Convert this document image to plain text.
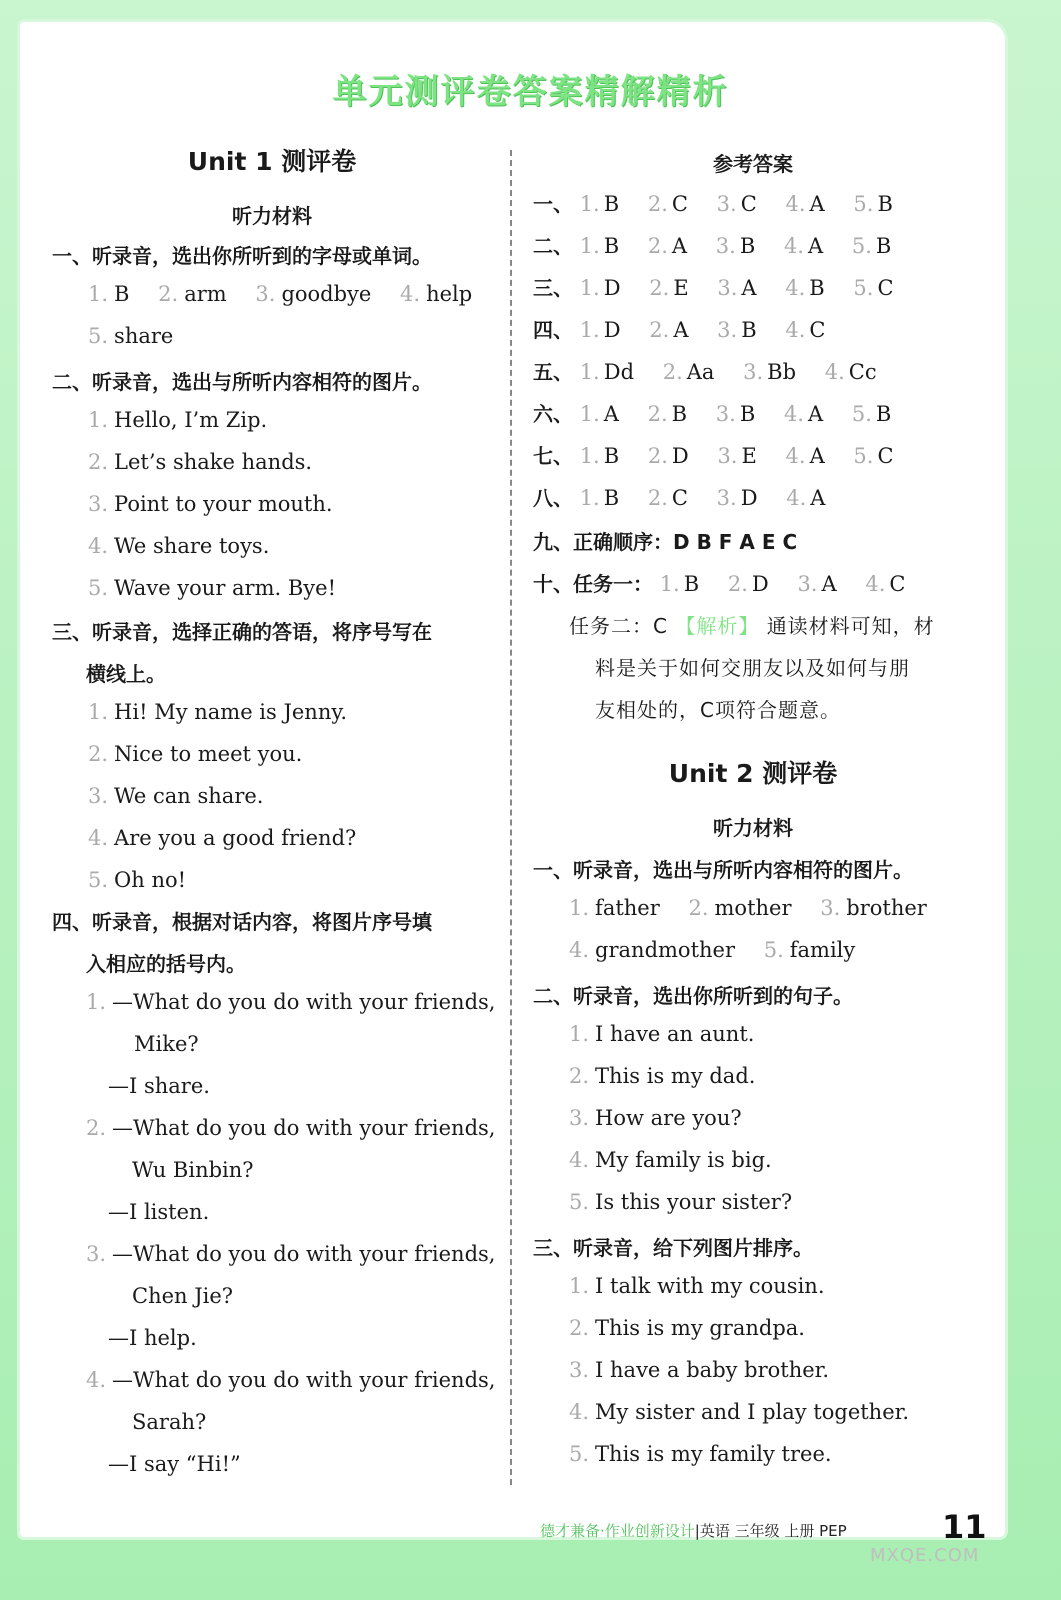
单元测评卷答案精解精析
Unit 1 测评卷
听力材料
一、听录音，选出你所听到的字母或单词。
1. B 2. arm 3. goodbye 4. help
5. share
二、听录音，选出与所听内容相符的图片。
1. Hello, I’m Zip.
2. Let’s shake hands.
3. Point to your mouth.
4. We share toys.
5. Wave your arm. Bye!
三、听录音，选择正确的答语，将序号写在
横线上。
1. Hi! My name is Jenny.
2. Nice to meet you.
3. We can share.
4. Are you a good friend?
5. Oh no!
四、听录音，根据对话内容，将图片序号填
入相应的括号内。
1. —What do you do with your friends,
Mike?
—I share.
2. —What do you do with your friends,
Wu Binbin?
—I listen.
3. —What do you do with your friends,
Chen Jie?
—I help.
4. —What do you do with your friends,
Sarah?
—I say “Hi!”
参考答案
一、 1. B 2. C 3. C 4. A 5. B
二、 1. B 2. A 3. B 4. A 5. B
三、 1. D 2. E 3. A 4. B 5. C
四、 1. D 2. A 3. B 4. C
五、 1. Dd 2. Aa 3. Bb 4. Cc
六、 1. A 2. B 3. B 4. A 5. B
七、 1. B 2. D 3. E 4. A 5. C
八、 1. B 2. C 3. D 4. A
九、正确顺序：D B F A E C
十、任务一： 1. B 2. D 3. A 4. C
任务二：C 【解析】 通读材料可知，材
料是关于如何交朋友以及如何与朋
友相处的，C项符合题意。
Unit 2 测评卷
听力材料
一、听录音，选出与所听内容相符的图片。
1. father 2. mother 3. brother
4. grandmother 5. family
二、听录音，选出你所听到的句子。
1. I have an aunt.
2. This is my dad.
3. How are you?
4. My family is big.
5. Is this your sister?
三、听录音，给下列图片排序。
1. I talk with my cousin.
2. This is my grandpa.
3. I have a baby brother.
4. My sister and I play together.
5. This is my family tree.
德才兼备·作业创新设计|英语 三年级 上册 PEP	11
MXQE.COM
